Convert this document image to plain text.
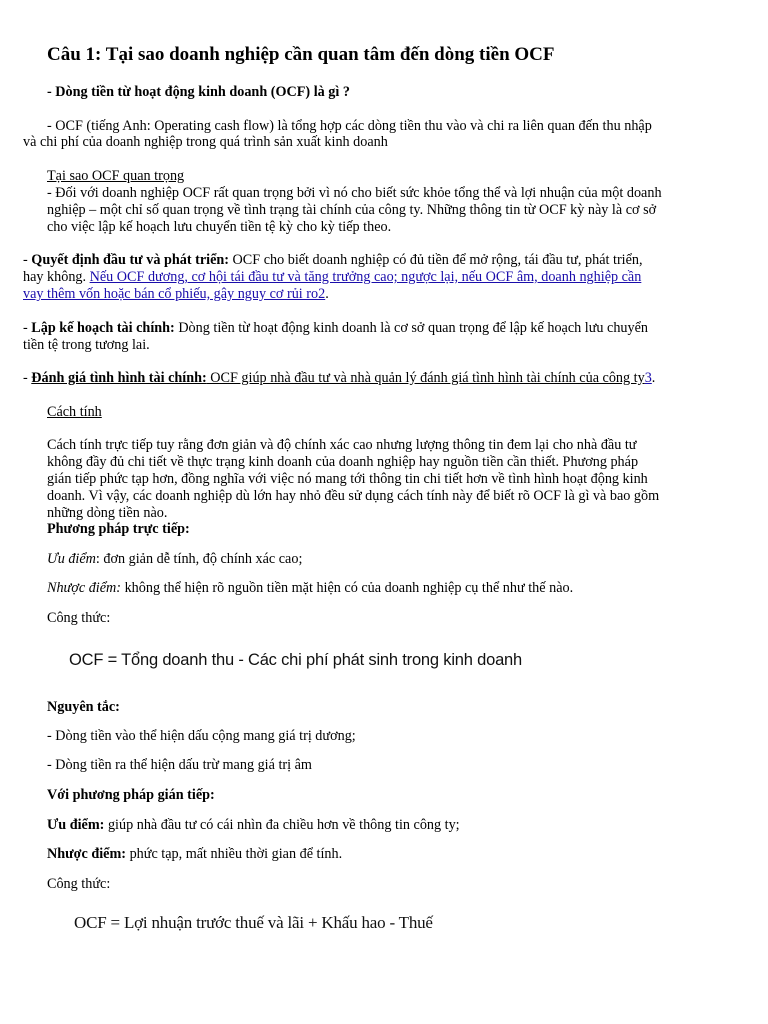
Câu 1: Tại sao doanh nghiệp cần quan tâm đến dòng tiền OCF
- Dòng tiền từ hoạt động kinh doanh (OCF) là gì ?
- OCF (tiếng Anh: Operating cash flow) là tổng hợp các dòng tiền thu vào và chi ra liên quan đến thu nhập
và chi phí của doanh nghiệp trong quá trình sản xuất kinh doanh
Tại sao OCF quan trọng
- Đối với doanh nghiệp OCF rất quan trọng bởi vì nó cho biết sức khỏe tổng thể và lợi nhuận của một doanh
nghiệp – một chỉ số quan trọng về tình trạng tài chính của công ty. Những thông tin từ OCF kỳ này là cơ sở
cho việc lập kế hoạch lưu chuyển tiền tệ kỳ cho kỳ tiếp theo.
- Quyết định đầu tư và phát triển: OCF cho biết doanh nghiệp có đủ tiền để mở rộng, tái đầu tư, phát triển,
hay không. Nếu OCF dương, cơ hội tái đầu tư và tăng trưởng cao; ngược lại, nếu OCF âm, doanh nghiệp cần
vay thêm vốn hoặc bán cổ phiếu, gây nguy cơ rủi ro2.
- Lập kế hoạch tài chính: Dòng tiền từ hoạt động kinh doanh là cơ sở quan trọng để lập kế hoạch lưu chuyển
tiền tệ trong tương lai.
- Đánh giá tình hình tài chính: OCF giúp nhà đầu tư và nhà quản lý đánh giá tình hình tài chính của công ty3.
Cách tính
Cách tính trực tiếp tuy rằng đơn giản và độ chính xác cao nhưng lượng thông tin đem lại cho nhà đầu tư
không đầy đủ chi tiết về thực trạng kinh doanh của doanh nghiệp hay nguồn tiền cần thiết. Phương pháp
gián tiếp phức tạp hơn, đồng nghĩa với việc nó mang tới thông tin chi tiết hơn về tình hình hoạt động kinh
doanh. Vì vậy, các doanh nghiệp dù lớn hay nhỏ đều sử dụng cách tính này để biết rõ OCF là gì và bao gồm
những dòng tiền nào.
Phương pháp trực tiếp:
Ưu điểm: đơn giản dễ tính, độ chính xác cao;
Nhược điểm: không thể hiện rõ nguồn tiền mặt hiện có của doanh nghiệp cụ thể như thế nào.
Công thức:
OCF = Tổng doanh thu - Các chi phí phát sinh trong kinh doanh
Nguyên tắc:
- Dòng tiền vào thể hiện dấu cộng mang giá trị dương;
- Dòng tiền ra thể hiện dấu trừ mang giá trị âm
Với phương pháp gián tiếp:
Ưu điểm: giúp nhà đầu tư có cái nhìn đa chiều hơn về thông tin công ty;
Nhược điểm: phức tạp, mất nhiều thời gian để tính.
Công thức:
OCF = Lợi nhuận trước thuế và lãi + Khấu hao - Thuế
